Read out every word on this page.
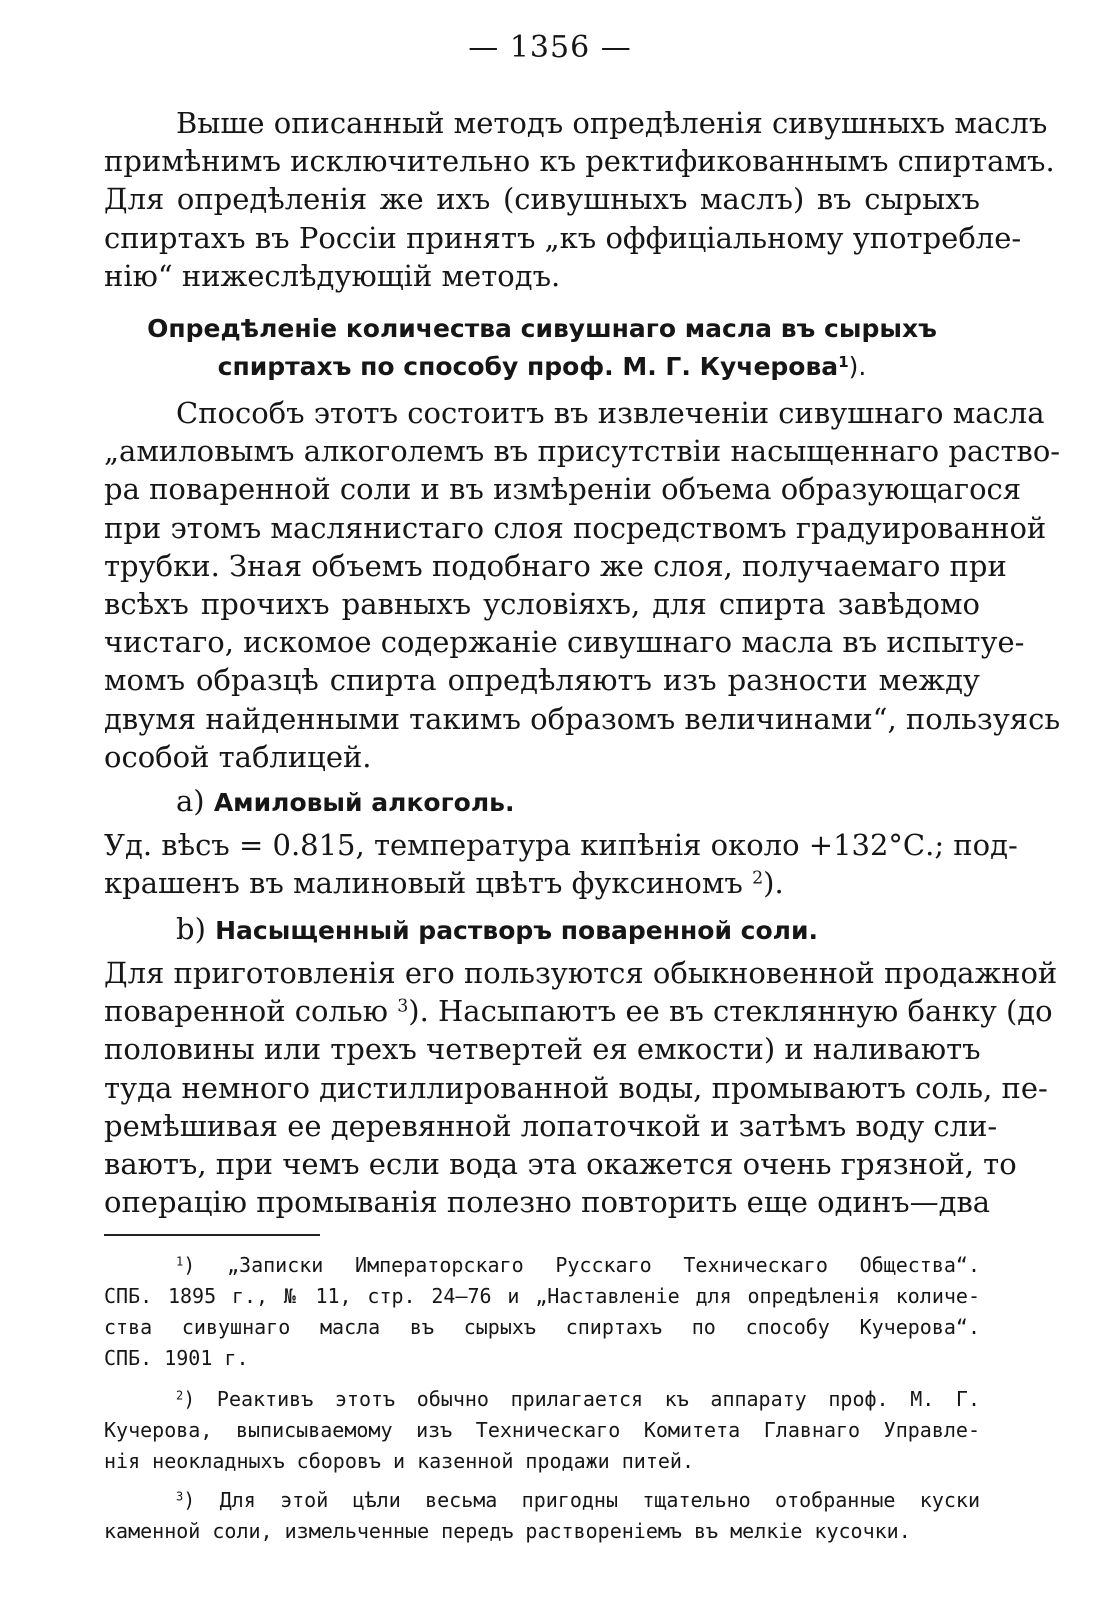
— 1356 —
Выше описанный методъ опредѣленія сивушныхъ маслъ
примѣнимъ исключительно къ ректификованнымъ спиртамъ.
Для опредѣленія же ихъ (сивушныхъ маслъ) въ сырыхъ
спиртахъ въ Россіи принятъ „къ оффиціальному употребле-
нію“ нижеслѣдующій методъ.
Опредѣленіе количества сивушнаго масла въ сырыхъ
спиртахъ по способу проф. М. Г. Кучерова$^1$).
Способъ этотъ состоитъ въ извлеченіи сивушнаго масла
„амиловымъ алкоголемъ въ присутствіи насыщеннаго раство-
ра поваренной соли и въ измѣреніи объема образующагося
при этомъ маслянистаго слоя посредствомъ градуированной
трубки. Зная объемъ подобнаго же слоя, получаемаго при
всѣхъ прочихъ равныхъ условіяхъ, для спирта завѣдомо
чистаго, искомое содержаніе сивушнаго масла въ испытуе-
момъ образцѣ спирта опредѣляютъ изъ разности между
двумя найденными такимъ образомъ величинами“, пользуясь
особой таблицей.
a) Амиловый алкоголь.
Уд. вѣсъ = 0.815, температура кипѣнія около +132°С.; под-
крашенъ въ малиновый цвѣтъ фуксиномъ $^2$).
b) Насыщенный растворъ поваренной соли.
Для приготовленія его пользуются обыкновенной продажной
поваренной солью $^3$). Насыпаютъ ее въ стеклянную банку (до
половины или трехъ четвертей ея емкости) и наливаютъ
туда немного дистиллированной воды, промываютъ соль, пе-
ремѣшивая ее деревянной лопаточкой и затѣмъ воду сли-
ваютъ, при чемъ если вода эта окажется очень грязной, то
операцію промыванія полезно повторить еще одинъ—два
$^1$) „Записки Императорскаго Русскаго Техническаго Общества“.
СПБ. 1895 г., № 11, стр. 24—76 и „Наставленіе для опредѣленія количе-
ства сивушнаго масла въ сырыхъ спиртахъ по способу Кучерова“.
СПБ. 1901 г.
$^2$) Реактивъ этотъ обычно прилагается къ аппарату проф. М. Г.
Кучерова, выписываемому изъ Техническаго Комитета Главнаго Управле-
нія неокладныхъ сборовъ и казенной продажи питей.
$^3$) Для этой цѣли весьма пригодны тщательно отобранные куски
каменной соли, измельченные передъ раствореніемъ въ мелкіе кусочки.
